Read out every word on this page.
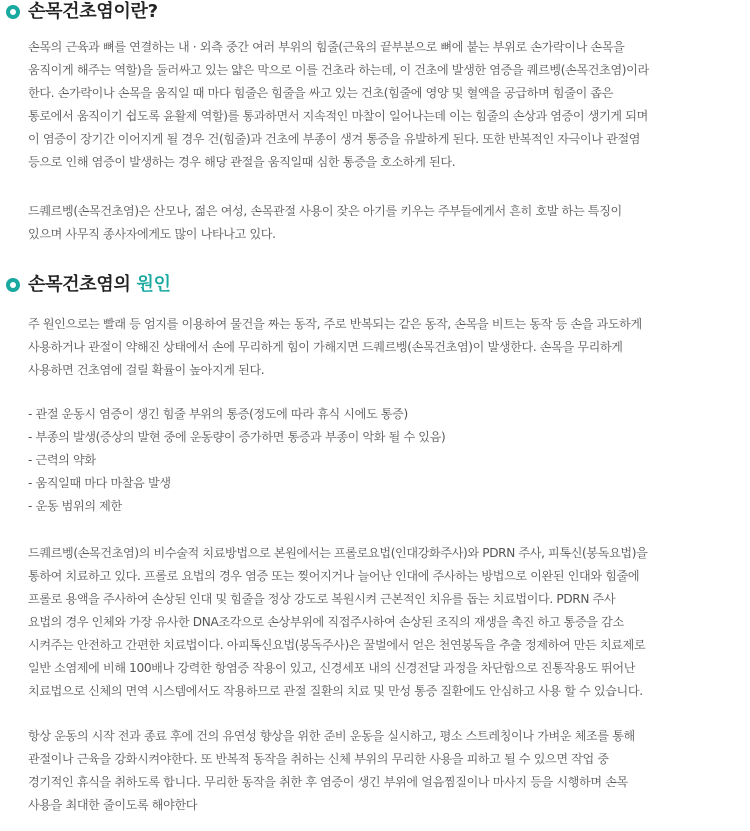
손목건초염이란?
손목의 근육과 뼈를 연결하는 내 · 외측 중간 여러 부위의 힘줄(근육의 끝부분으로 뼈에 붙는 부위로 손가락이나 손목을
움직이게 해주는 역할)을 둘러싸고 있는 얇은 막으로 이를 건초라 하는데, 이 건초에 발생한 염증을 퀘르벵(손목건초염)이라
한다. 손가락이나 손목을 움직일 때 마다 힘줄은 힘줄을 싸고 있는 건초(힘줄에 영양 및 혈액을 공급하며 힘줄이 좁은
통로에서 움직이기 쉽도록 윤활제 역할)를 통과하면서 지속적인 마찰이 일어나는데 이는 힘줄의 손상과 염증이 생기게 되며
이 염증이 장기간 이어지게 될 경우 건(힘줄)과 건초에 부종이 생겨 통증을 유발하게 된다. 또한 반복적인 자극이나 관절염
등으로 인해 염증이 발생하는 경우 해당 관절을 움직일때 심한 통증을 호소하게 된다.
드퀘르벵(손목건초염)은 산모나, 젊은 여성, 손목관절 사용이 잦은 아기를 키우는 주부들에게서 흔히 호발 하는 특징이
있으며 사무직 종사자에게도 많이 나타나고 있다.
손목건초염의 원인
주 원인으로는 빨래 등 엄지를 이용하여 물건을 짜는 동작, 주로 반복되는 같은 동작, 손목을 비트는 동작 등 손을 과도하게
사용하거나 관절이 약해진 상태에서 손에 무리하게 힘이 가해지면 드퀘르벵(손목건초염)이 발생한다. 손목을 무리하게
사용하면 건초염에 걸릴 확률이 높아지게 된다.
- 관절 운동시 염증이 생긴 힘줄 부위의 통증(정도에 따라 휴식 시에도 통증)
- 부종의 발생(증상의 발현 중에 운동량이 증가하면 통증과 부종이 악화 될 수 있음)
- 근력의 약화
- 움직일때 마다 마찰음 발생
- 운동 범위의 제한
드퀘르벵(손목건초염)의 비수술적 치료방법으로 본원에서는 프롤로요법(인대강화주사)와 PDRN 주사, 피톡신(봉독요법)을
통하여 치료하고 있다. 프롤로 요법의 경우 염증 또는 찢어지거나 늘어난 인대에 주사하는 방법으로 이완된 인대와 힘줄에
프롤로 용액을 주사하여 손상된 인대 및 힘줄을 정상 강도로 복원시켜 근본적인 치유를 돕는 치료법이다. PDRN 주사
요법의 경우 인체와 가장 유사한 DNA조각으로 손상부위에 직접주사하여 손상된 조직의 재생을 촉진 하고 통증을 감소
시켜주는 안전하고 간편한 치료법이다. 아피톡신요법(봉독주사)은 꿀벌에서 얻은 천연봉독을 추출 정제하여 만든 치료제로
일반 소염제에 비해 100배나 강력한 항염증 작용이 있고, 신경세포 내의 신경전달 과정을 차단함으로 진통작용도 뛰어난
치료법으로 신체의 면역 시스템에서도 작용하므로 관절 질환의 치료 및 만성 통증 질환에도 안심하고 사용 할 수 있습니다.
항상 운동의 시작 전과 종료 후에 건의 유연성 향상을 위한 준비 운동을 실시하고, 평소 스트레칭이나 가벼운 체조를 통해
관절이나 근육을 강화시켜야한다. 또 반복적 동작을 취하는 신체 부위의 무리한 사용을 피하고 될 수 있으면 작업 중
경기적인 휴식을 취하도록 합니다. 무리한 동작을 취한 후 염증이 생긴 부위에 얼음찜질이나 마사지 등을 시행하며 손목
사용을 최대한 줄이도록 해야한다
